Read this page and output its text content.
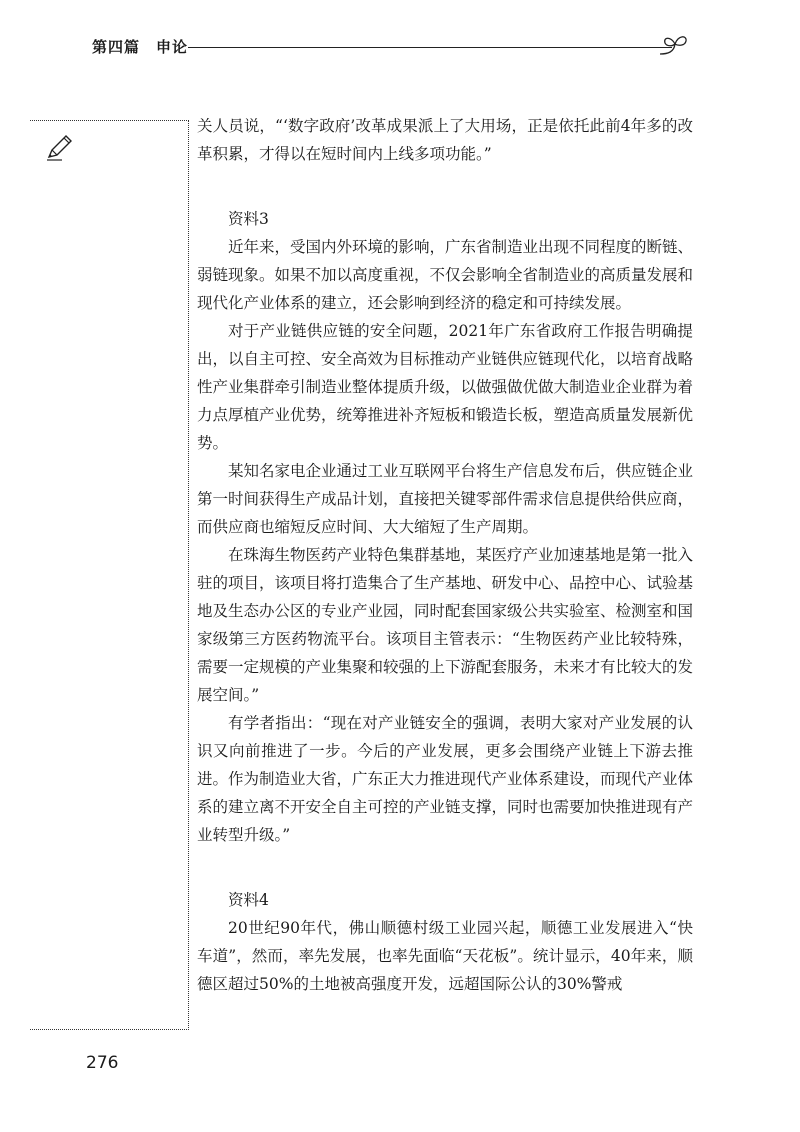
第四篇　申论

关人员说，“‘数字政府’改革成果派上了大用场，正是依托此前4年多的改革积累，才得以在短时间内上线多项功能。”

资料3

近年来，受国内外环境的影响，广东省制造业出现不同程度的断链、弱链现象。如果不加以高度重视，不仅会影响全省制造业的高质量发展和现代化产业体系的建立，还会影响到经济的稳定和可持续发展。

对于产业链供应链的安全问题，2021年广东省政府工作报告明确提出，以自主可控、安全高效为目标推动产业链供应链现代化，以培育战略性产业集群牵引制造业整体提质升级，以做强做优做大制造业企业群为着力点厚植产业优势，统筹推进补齐短板和锻造长板，塑造高质量发展新优势。

某知名家电企业通过工业互联网平台将生产信息发布后，供应链企业第一时间获得生产成品计划，直接把关键零部件需求信息提供给供应商，而供应商也缩短反应时间、大大缩短了生产周期。

在珠海生物医药产业特色集群基地，某医疗产业加速基地是第一批入驻的项目，该项目将打造集合了生产基地、研发中心、品控中心、试验基地及生态办公区的专业产业园，同时配套国家级公共实验室、检测室和国家级第三方医药物流平台。该项目主管表示：“生物医药产业比较特殊，需要一定规模的产业集聚和较强的上下游配套服务，未来才有比较大的发展空间。”

有学者指出：“现在对产业链安全的强调，表明大家对产业发展的认识又向前推进了一步。今后的产业发展，更多会围绕产业链上下游去推进。作为制造业大省，广东正大力推进现代产业体系建设，而现代产业体系的建立离不开安全自主可控的产业链支撑，同时也需要加快推进现有产业转型升级。”

资料4

20世纪90年代，佛山顺德村级工业园兴起，顺德工业发展进入“快车道”，然而，率先发展，也率先面临“天花板”。统计显示，40年来，顺德区超过50%的土地被高强度开发，远超国际公认的30%警戒

276
